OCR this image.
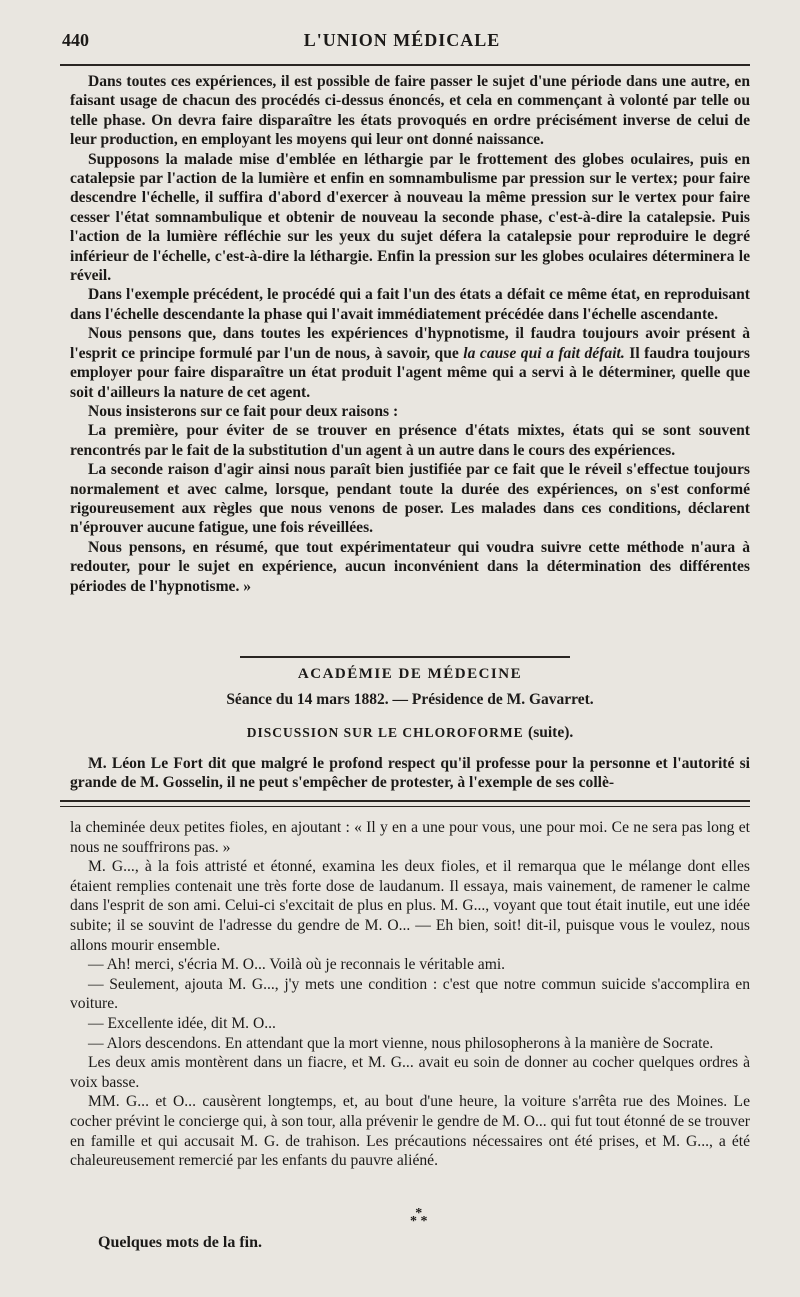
440	L'UNION MÉDICALE

Dans toutes ces expériences, il est possible de faire passer le sujet d'une période dans une autre, en faisant usage de chacun des procédés ci-dessus énoncés, et cela en commençant à volonté par telle ou telle phase. On devra faire disparaître les états provoqués en ordre précisément inverse de celui de leur production, en employant les moyens qui leur ont donné naissance.

Supposons la malade mise d'emblée en léthargie par le frottement des globes oculaires, puis en catalepsie par l'action de la lumière et enfin en somnambulisme par pression sur le vertex; pour faire descendre l'échelle, il suffira d'abord d'exercer à nouveau la même pression sur le vertex pour faire cesser l'état somnambulique et obtenir de nouveau la seconde phase, c'est-à-dire la catalepsie. Puis l'action de la lumière réfléchie sur les yeux du sujet défera la catalepsie pour reproduire le degré inférieur de l'échelle, c'est-à-dire la léthargie. Enfin la pression sur les globes oculaires déterminera le réveil.

Dans l'exemple précédent, le procédé qui a fait l'un des états a défait ce même état, en reproduisant dans l'échelle descendante la phase qui l'avait immédiatement précédée dans l'échelle ascendante.

Nous pensons que, dans toutes les expériences d'hypnotisme, il faudra toujours avoir présent à l'esprit ce principe formulé par l'un de nous, à savoir, que la cause qui a fait défait. Il faudra toujours employer pour faire disparaître un état produit l'agent même qui a servi à le déterminer, quelle que soit d'ailleurs la nature de cet agent.

Nous insisterons sur ce fait pour deux raisons :

La première, pour éviter de se trouver en présence d'états mixtes, états qui se sont souvent rencontrés par le fait de la substitution d'un agent à un autre dans le cours des expériences.

La seconde raison d'agir ainsi nous paraît bien justifiée par ce fait que le réveil s'effectue toujours normalement et avec calme, lorsque, pendant toute la durée des expériences, on s'est conformé rigoureusement aux règles que nous venons de poser. Les malades dans ces conditions, déclarent n'éprouver aucune fatigue, une fois réveillées.

Nous pensons, en résumé, que tout expérimentateur qui voudra suivre cette méthode n'aura à redouter, pour le sujet en expérience, aucun inconvénient dans la détermination des différentes périodes de l'hypnotisme. »

ACADÉMIE DE MÉDECINE
Séance du 14 mars 1882. — Présidence de M. Gavarret.
DISCUSSION SUR LE CHLOROFORME (suite).

M. Léon Le Fort dit que malgré le profond respect qu'il professe pour la personne et l'autorité si grande de M. Gosselin, il ne peut s'empêcher de protester, à l'exemple de ses collè-

la cheminée deux petites fioles, en ajoutant : « Il y en a une pour vous, une pour moi. Ce ne sera pas long et nous ne souffrirons pas. »

M. G..., à la fois attristé et étonné, examina les deux fioles, et il remarqua que le mélange dont elles étaient remplies contenait une très forte dose de laudanum. Il essaya, mais vainement, de ramener le calme dans l'esprit de son ami. Celui-ci s'excitait de plus en plus. M. G..., voyant que tout était inutile, eut une idée subite; il se souvint de l'adresse du gendre de M. O... — Eh bien, soit! dit-il, puisque vous le voulez, nous allons mourir ensemble.

— Ah! merci, s'écria M. O... Voilà où je reconnais le véritable ami.

— Seulement, ajouta M. G..., j'y mets une condition : c'est que notre commun suicide s'accomplira en voiture.

— Excellente idée, dit M. O...

— Alors descendons. En attendant que la mort vienne, nous philosopherons à la manière de Socrate.

Les deux amis montèrent dans un fiacre, et M. G... avait eu soin de donner au cocher quelques ordres à voix basse.

MM. G... et O... causèrent longtemps, et, au bout d'une heure, la voiture s'arrêta rue des Moines. Le cocher prévint le concierge qui, à son tour, alla prévenir le gendre de M. O... qui fut tout étonné de se trouver en famille et qui accusait M. G. de trahison. Les précautions nécessaires ont été prises, et M. G..., a été chaleureusement remercié par les enfants du pauvre aliéné.

*
* *
Quelques mots de la fin.
